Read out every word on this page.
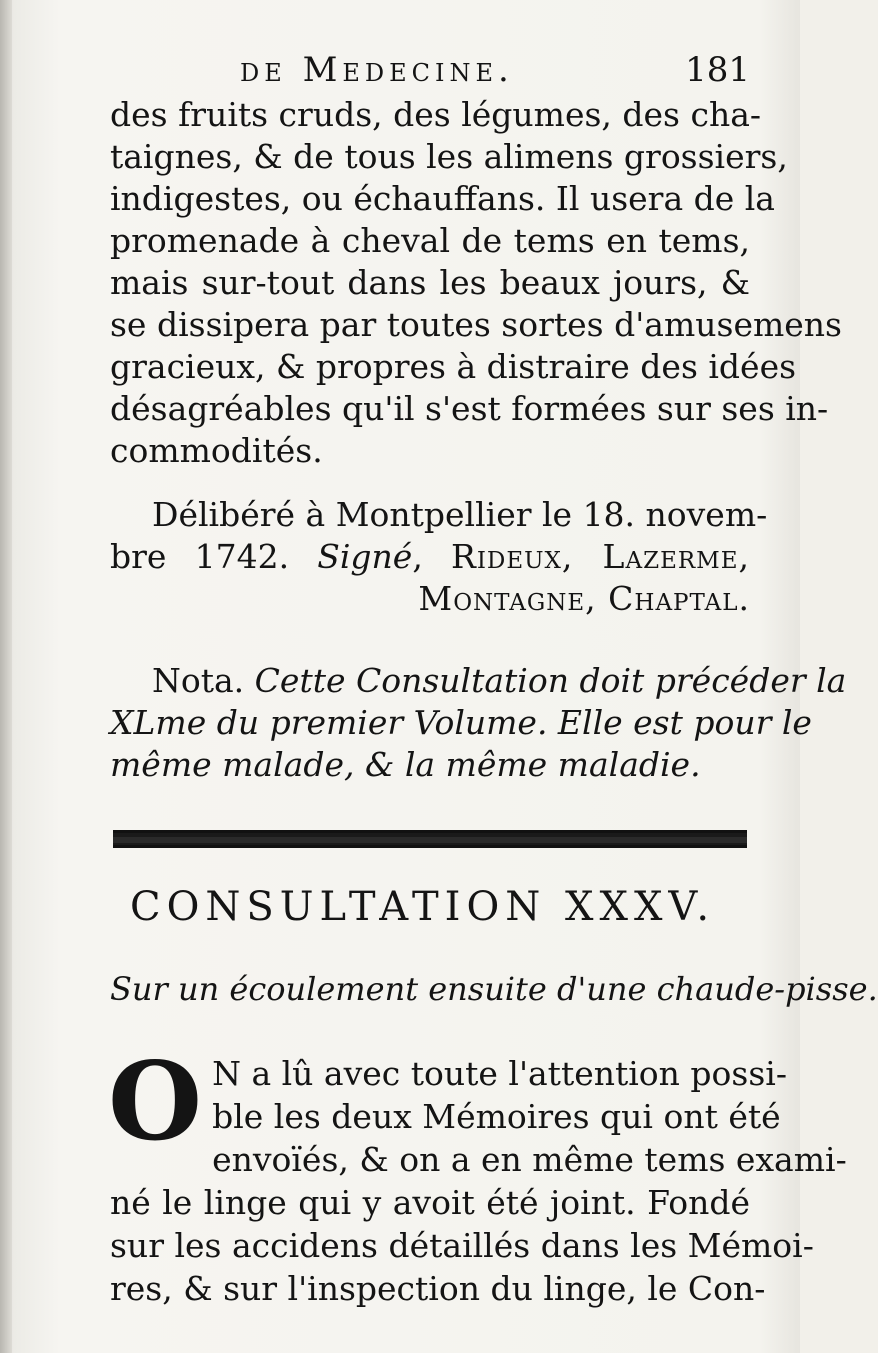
de Medecine.	181
des fruits cruds, des légumes, des cha-
taignes, & de tous les alimens grossiers,
indigestes, ou échauffans. Il usera de la
promenade à cheval de tems en tems,
mais sur-tout dans les beaux jours, &
se dissipera par toutes sortes d'amusemens
gracieux, & propres à distraire des idées
désagréables qu'il s'est formées sur ses in-
commodités.
Délibéré à Montpellier le 18. novem-
bre 1742. Signé, Rideux, Lazerme,
Montagne, Chaptal.
Nota. Cette Consultation doit précéder la
XLme du premier Volume. Elle est pour le
même malade, & la même maladie.
CONSULTATION XXXV.
Sur un écoulement ensuite d'une chaude-pisse.
O N a lû avec toute l'attention possi-
ble les deux Mémoires qui ont été
envoïés, & on a en même tems exami-
né le linge qui y avoit été joint. Fondé
sur les accidens détaillés dans les Mémoi-
res, & sur l'inspection du linge, le Con-
